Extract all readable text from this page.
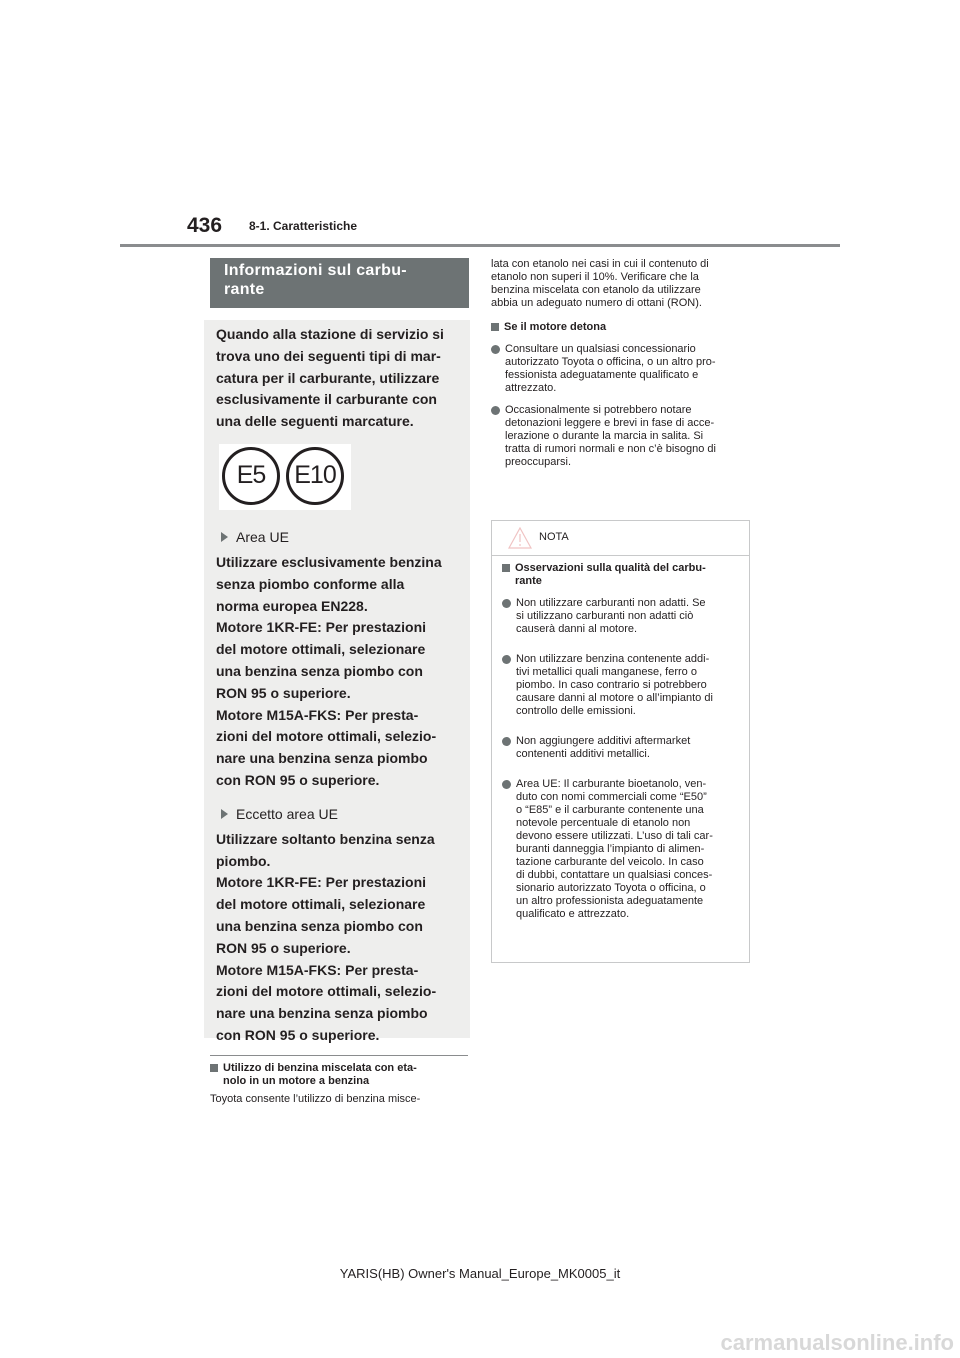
436 8-1. Caratteristiche
Informazioni sul carbu-
rante

Quando alla stazione di servizio si

trova uno dei seguenti tipi di mar-

catura per il carburante, utilizzare

esclusivamente il carburante con

una delle seguenti marcature.

E5	E10

Area UE

Utilizzare esclusivamente benzina

senza piombo conforme alla

norma europea EN228.

Motore 1KR-FE: Per prestazioni

del motore ottimali, selezionare

una benzina senza piombo con

RON 95 o superiore.

Motore M15A-FKS: Per presta-

zioni del motore ottimali, selezio-

nare una benzina senza piombo

con RON 95 o superiore.

Eccetto area UE

Utilizzare soltanto benzina senza

piombo.

Motore 1KR-FE: Per prestazioni

del motore ottimali, selezionare

una benzina senza piombo con

RON 95 o superiore.

Motore M15A-FKS: Per presta-

zioni del motore ottimali, selezio-

nare una benzina senza piombo

con RON 95 o superiore.

Utilizzo di benzina miscelata con eta-
nolo in un motore a benzina
Toyota consente l’utilizzo di benzina misce-
lata con etanolo nei casi in cui il contenuto di
etanolo non superi il 10%. Verificare che la
benzina miscelata con etanolo da utilizzare
abbia un adeguato numero di ottani (RON).
Se il motore detona
Consultare un qualsiasi concessionario
autorizzato Toyota o officina, o un altro pro-
fessionista adeguatamente qualificato e
attrezzato.
Occasionalmente si potrebbero notare
detonazioni leggere e brevi in fase di acce-
lerazione o durante la marcia in salita. Si
tratta di rumori normali e non c’è bisogno di
preoccuparsi.
NOTA
Osservazioni sulla qualità del carbu-
rante
Non utilizzare carburanti non adatti. Se
si utilizzano carburanti non adatti ciò
causerà danni al motore.
Non utilizzare benzina contenente addi-
tivi metallici quali manganese, ferro o
piombo. In caso contrario si potrebbero
causare danni al motore o all’impianto di
controllo delle emissioni.
Non aggiungere additivi aftermarket
contenenti additivi metallici.
Area UE: Il carburante bioetanolo, ven-
duto con nomi commerciali come “E50”
o “E85” e il carburante contenente una
notevole percentuale di etanolo non
devono essere utilizzati. L’uso di tali car-
buranti danneggia l’impianto di alimen-
tazione carburante del veicolo. In caso
di dubbi, contattare un qualsiasi conces-
sionario autorizzato Toyota o officina, o
un altro professionista adeguatamente
qualificato e attrezzato.
YARIS(HB) Owner's Manual_Europe_MK0005_it
carmanualsonline.info
